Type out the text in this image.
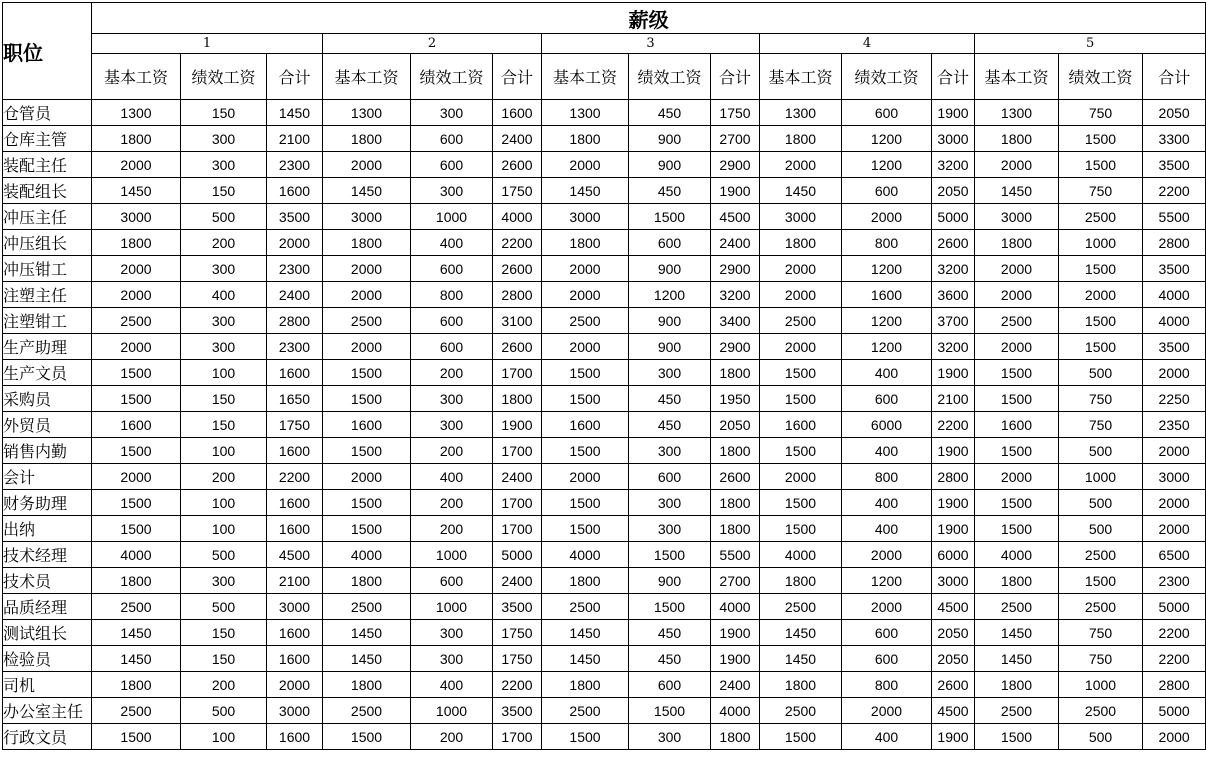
职位	薪级														
	1			2			3			4			5		
	基本工资	绩效工资	合计	基本工资	绩效工资	合计	基本工资	绩效工资	合计	基本工资	绩效工资	合计	基本工资	绩效工资	合计
仓管员	1300	150	1450	1300	300	1600	1300	450	1750	1300	600	1900	1300	750	2050
仓库主管	1800	300	2100	1800	600	2400	1800	900	2700	1800	1200	3000	1800	1500	3300
装配主任	2000	300	2300	2000	600	2600	2000	900	2900	2000	1200	3200	2000	1500	3500
装配组长	1450	150	1600	1450	300	1750	1450	450	1900	1450	600	2050	1450	750	2200
冲压主任	3000	500	3500	3000	1000	4000	3000	1500	4500	3000	2000	5000	3000	2500	5500
冲压组长	1800	200	2000	1800	400	2200	1800	600	2400	1800	800	2600	1800	1000	2800
冲压钳工	2000	300	2300	2000	600	2600	2000	900	2900	2000	1200	3200	2000	1500	3500
注塑主任	2000	400	2400	2000	800	2800	2000	1200	3200	2000	1600	3600	2000	2000	4000
注塑钳工	2500	300	2800	2500	600	3100	2500	900	3400	2500	1200	3700	2500	1500	4000
生产助理	2000	300	2300	2000	600	2600	2000	900	2900	2000	1200	3200	2000	1500	3500
生产文员	1500	100	1600	1500	200	1700	1500	300	1800	1500	400	1900	1500	500	2000
采购员	1500	150	1650	1500	300	1800	1500	450	1950	1500	600	2100	1500	750	2250
外贸员	1600	150	1750	1600	300	1900	1600	450	2050	1600	6000	2200	1600	750	2350
销售内勤	1500	100	1600	1500	200	1700	1500	300	1800	1500	400	1900	1500	500	2000
会计	2000	200	2200	2000	400	2400	2000	600	2600	2000	800	2800	2000	1000	3000
财务助理	1500	100	1600	1500	200	1700	1500	300	1800	1500	400	1900	1500	500	2000
出纳	1500	100	1600	1500	200	1700	1500	300	1800	1500	400	1900	1500	500	2000
技术经理	4000	500	4500	4000	1000	5000	4000	1500	5500	4000	2000	6000	4000	2500	6500
技术员	1800	300	2100	1800	600	2400	1800	900	2700	1800	1200	3000	1800	1500	2300
品质经理	2500	500	3000	2500	1000	3500	2500	1500	4000	2500	2000	4500	2500	2500	5000
测试组长	1450	150	1600	1450	300	1750	1450	450	1900	1450	600	2050	1450	750	2200
检验员	1450	150	1600	1450	300	1750	1450	450	1900	1450	600	2050	1450	750	2200
司机	1800	200	2000	1800	400	2200	1800	600	2400	1800	800	2600	1800	1000	2800
办公室主任	2500	500	3000	2500	1000	3500	2500	1500	4000	2500	2000	4500	2500	2500	5000
行政文员	1500	100	1600	1500	200	1700	1500	300	1800	1500	400	1900	1500	500	2000
